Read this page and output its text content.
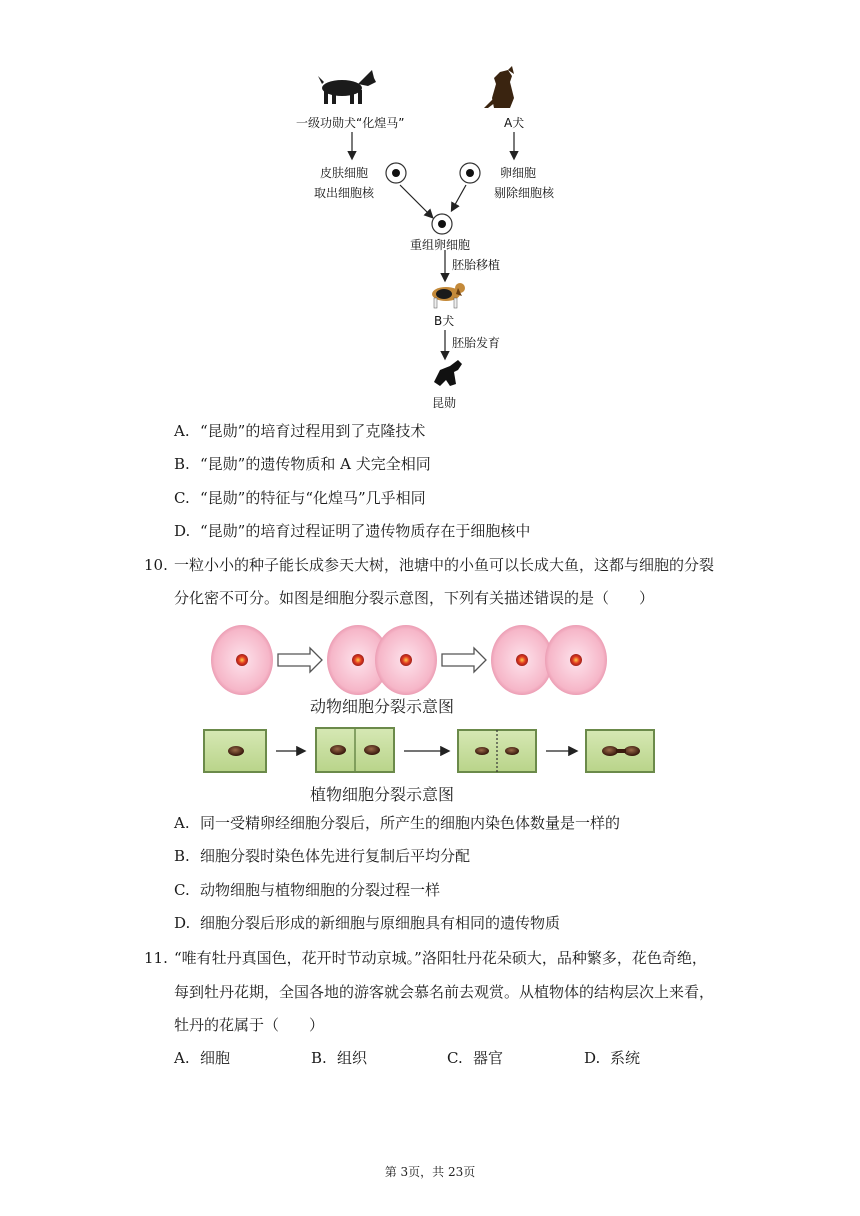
一级功勋犬“化煌马”	A犬
皮肤细胞
取出细胞核
卵细胞
剔除细胞核
重组卵细胞
胚胎移植
B犬
胚胎发育
昆勋
A. “昆勋”的培育过程用到了克隆技术
B. “昆勋”的遗传物质和 A 犬完全相同
C. “昆勋”的特征与“化煌马”几乎相同
D. “昆勋”的培育过程证明了遗传物质存在于细胞核中
10. 一粒小小的种子能长成参天大树，池塘中的小鱼可以长成大鱼，这都与细胞的分裂
分化密不可分。如图是细胞分裂示意图，下列有关描述错误的是（　　）
动物细胞分裂示意图
植物细胞分裂示意图
A. 同一受精卵经细胞分裂后，所产生的细胞内染色体数量是一样的
B. 细胞分裂时染色体先进行复制后平均分配
C. 动物细胞与植物细胞的分裂过程一样
D. 细胞分裂后形成的新细胞与原细胞具有相同的遗传物质
11. “唯有牡丹真国色，花开时节动京城。”洛阳牡丹花朵硕大，品种繁多，花色奇绝，
每到牡丹花期，全国各地的游客就会慕名前去观赏。从植物体的结构层次上来看，
牡丹的花属于（　　）
A. 细胞	B. 组织	C. 器官	D. 系统
第 3页，共 23页
